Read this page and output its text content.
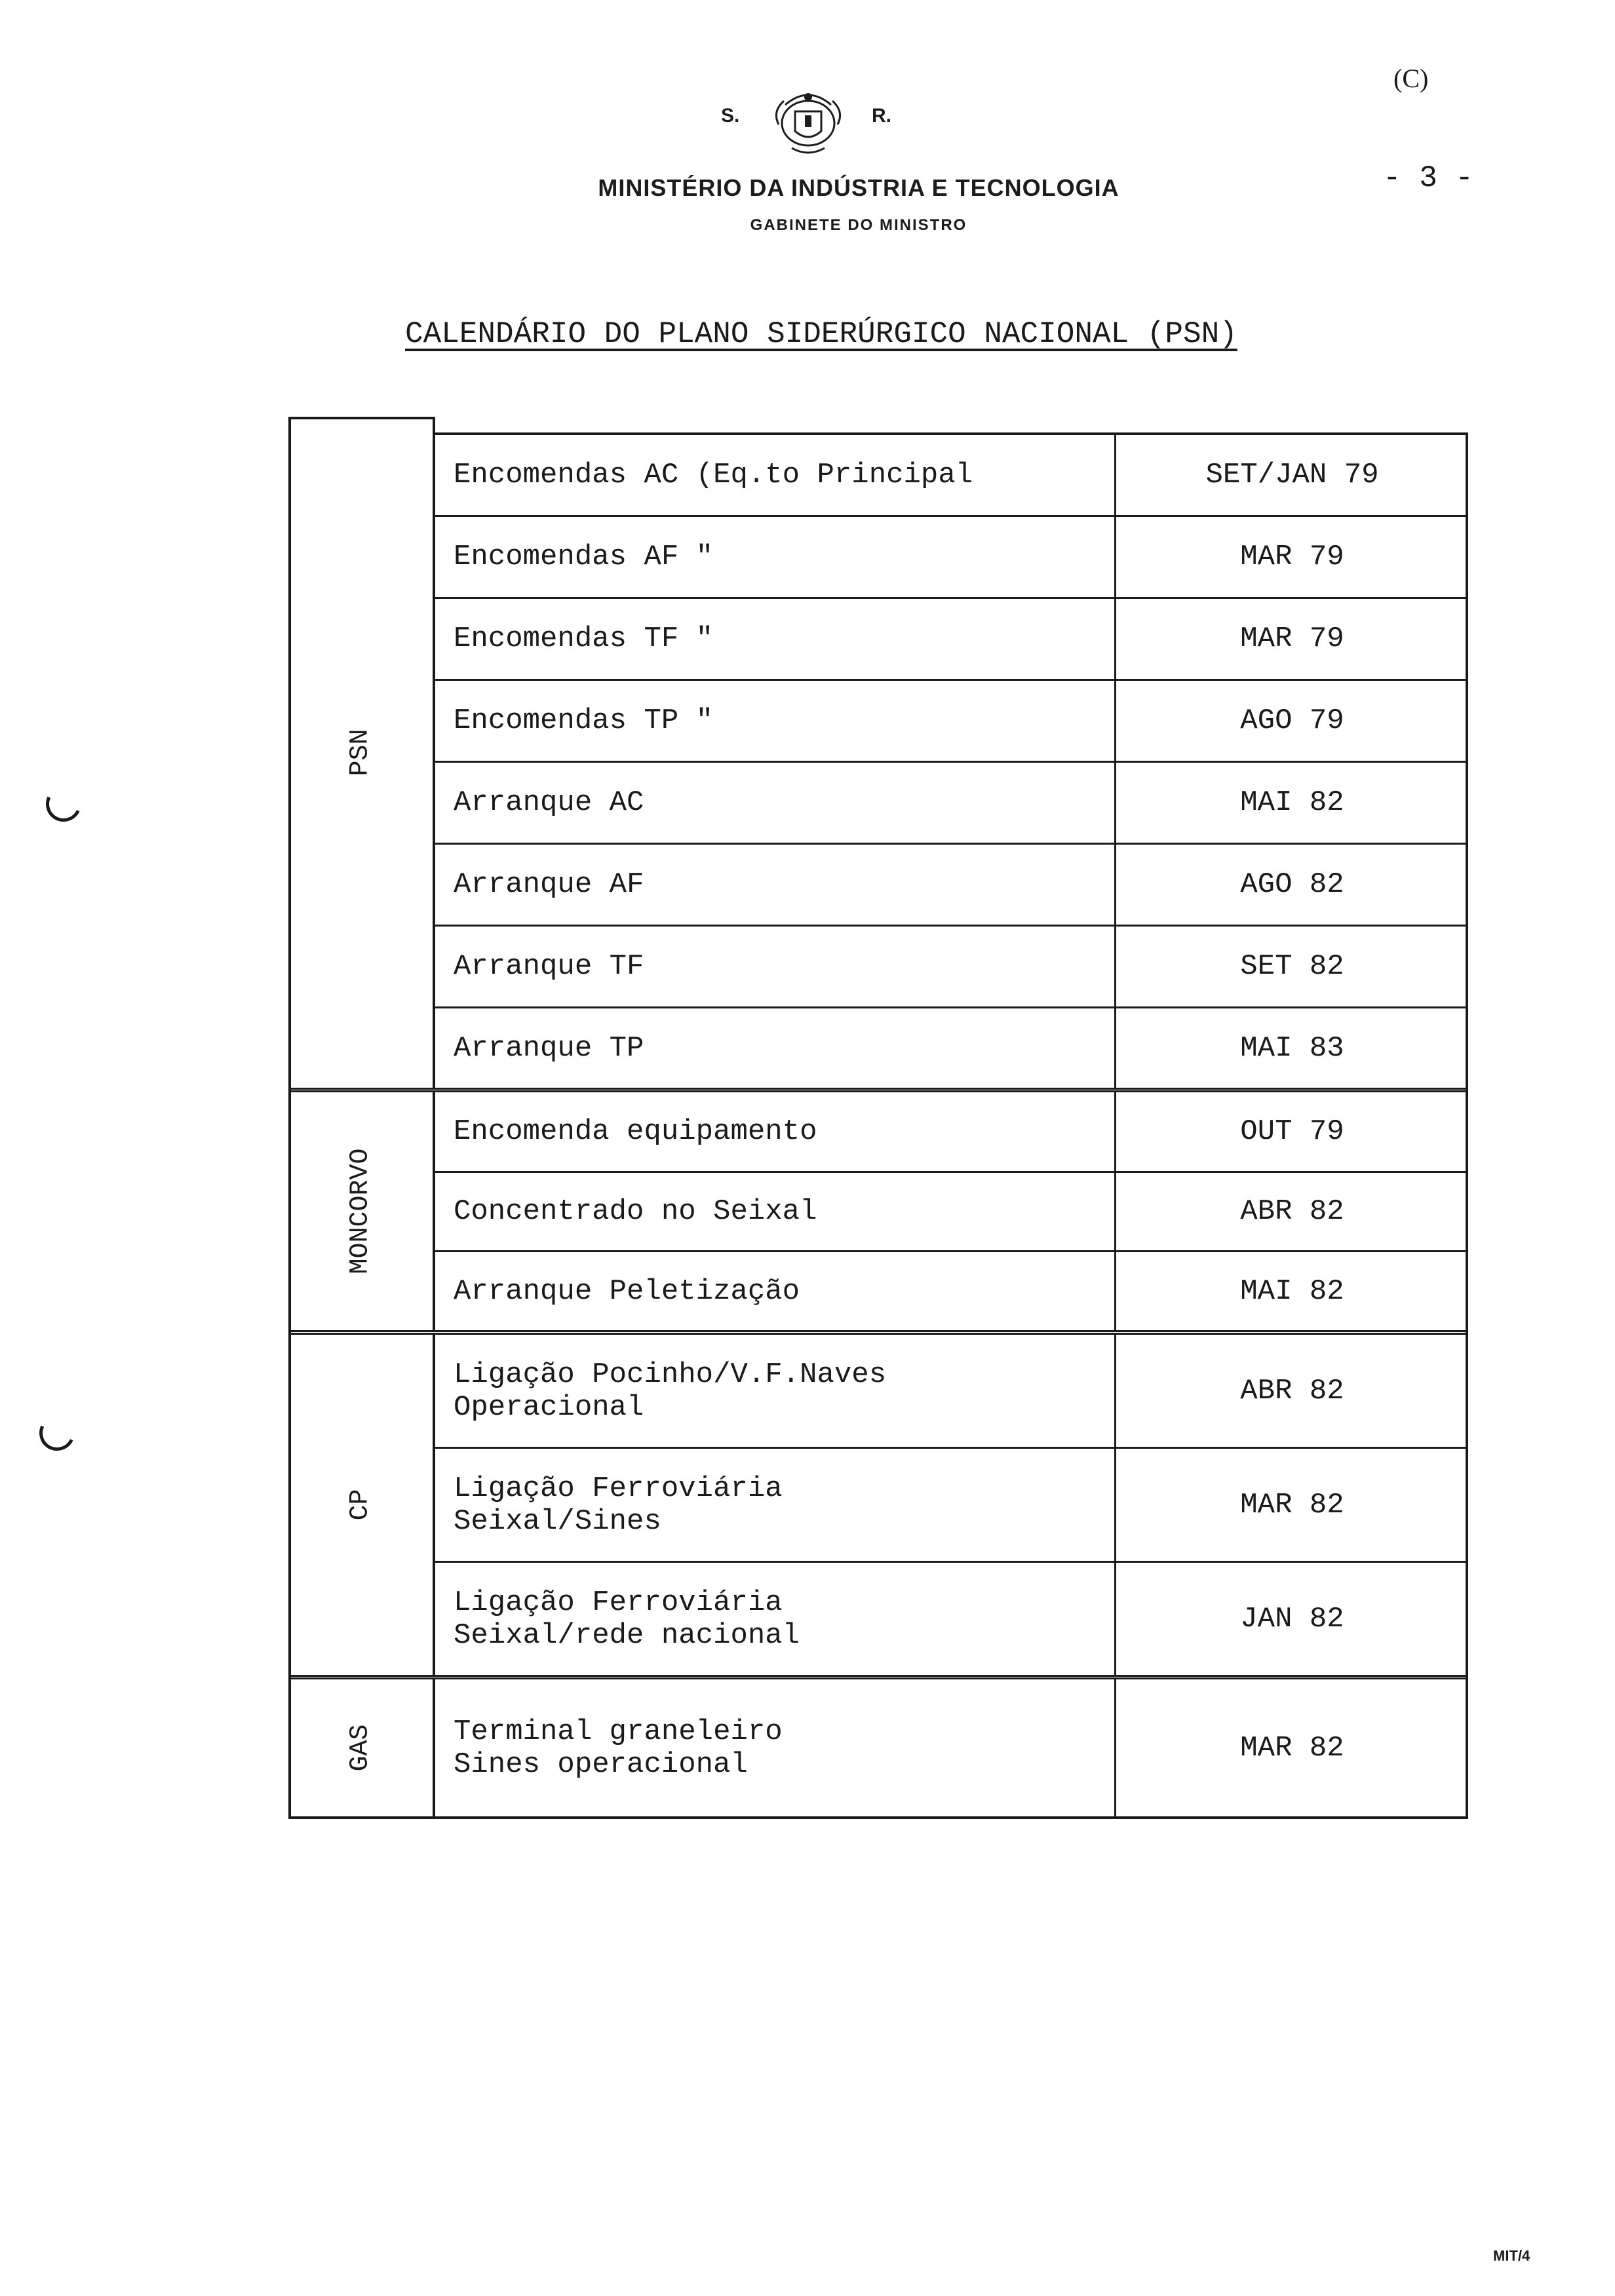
S.	R.
MINISTÉRIO DA INDÚSTRIA E TECNOLOGIA
GABINETE DO MINISTRO
(C)
- 3 -
CALENDÁRIO DO PLANO SIDERÚRGICO NACIONAL (PSN)
PSN
Encomendas AC (Eq.to Principal	SET/JAN 79
Encomendas AF "	MAR 79
Encomendas TF "	MAR 79
Encomendas TP "	AGO 79
Arranque AC	MAI 82
Arranque AF	AGO 82
Arranque TF	SET 82
Arranque TP	MAI 83
MONCORVO
Encomenda equipamento	OUT 79
Concentrado no Seixal	ABR 82
Arranque Peletização	MAI 82
CP
Ligação Pocinho/V.F.Naves
Operacional	ABR 82
Ligação Ferroviária
Seixal/Sines	MAR 82
Ligação Ferroviária
Seixal/rede nacional	JAN 82
GAS	Terminal graneleiro
Sines operacional	MAR 82
MIT/4
